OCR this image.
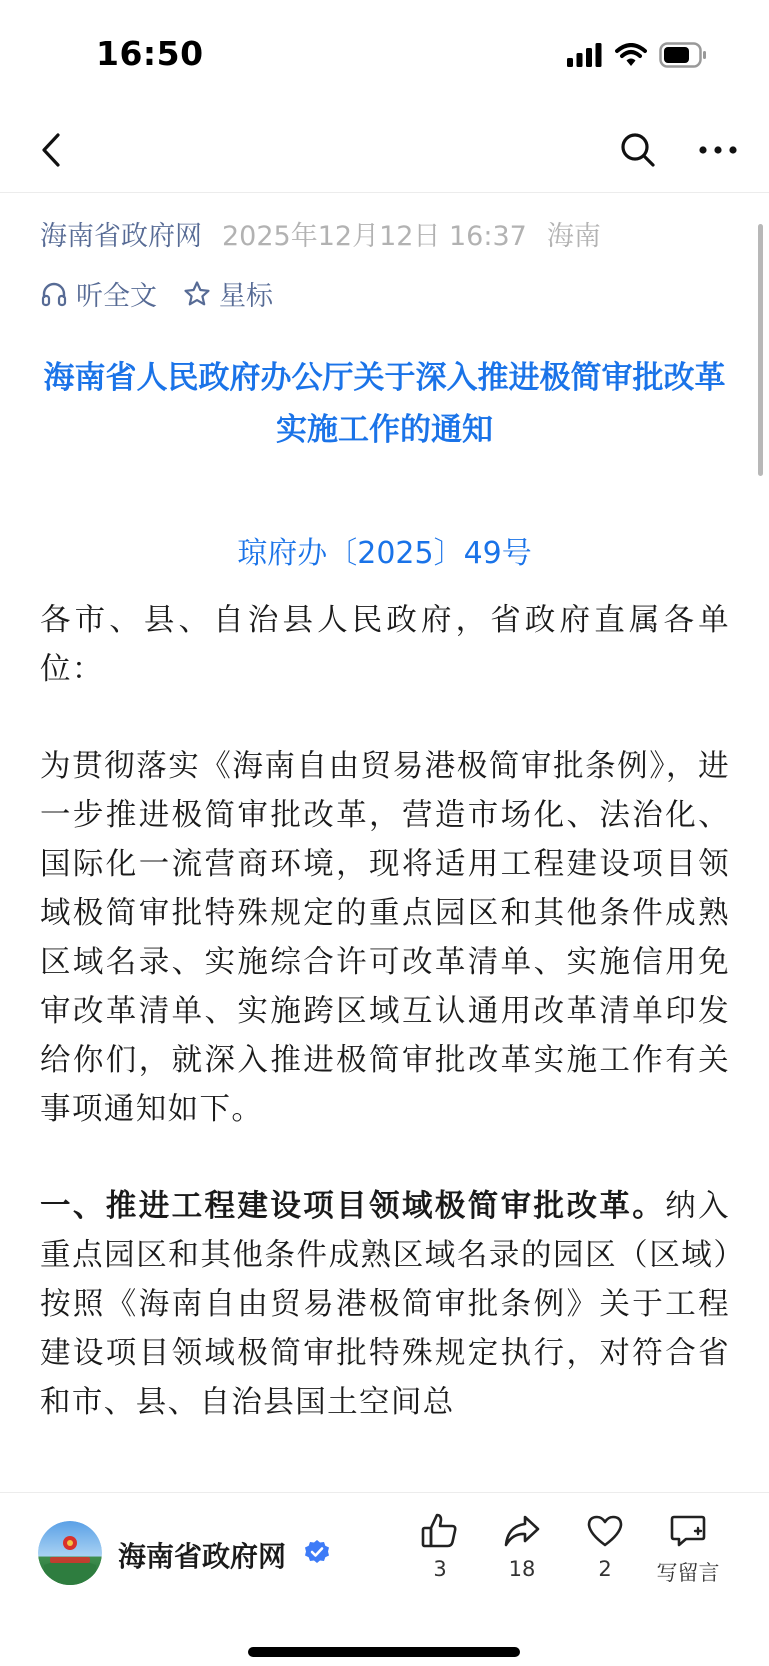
16:50
海南省政府网 2025年12月12日 16:37 海南
听全文 星标
海南省人民政府办公厅关于深入推进极简审批改革实施工作的通知
琼府办〔2025〕49号
各市、县、自治县人民政府，省政府直属各单位：
为贯彻落实《海南自由贸易港极简审批条例》，进一步推进极简审批改革，营造市场化、法治化、国际化一流营商环境，现将适用工程建设项目领域极简审批特殊规定的重点园区和其他条件成熟区域名录、实施综合许可改革清单、实施信用免审改革清单、实施跨区域互认通用改革清单印发给你们，就深入推进极简审批改革实施工作有关事项通知如下。
一、推进工程建设项目领域极简审批改革。纳入重点园区和其他条件成熟区域名录的园区（区域）按照《海南自由贸易港极简审批条例》关于工程建设项目领域极简审批特殊规定执行，对符合省和市、县、自治县国土空间总
海南省政府网	3	18	2	写留言
